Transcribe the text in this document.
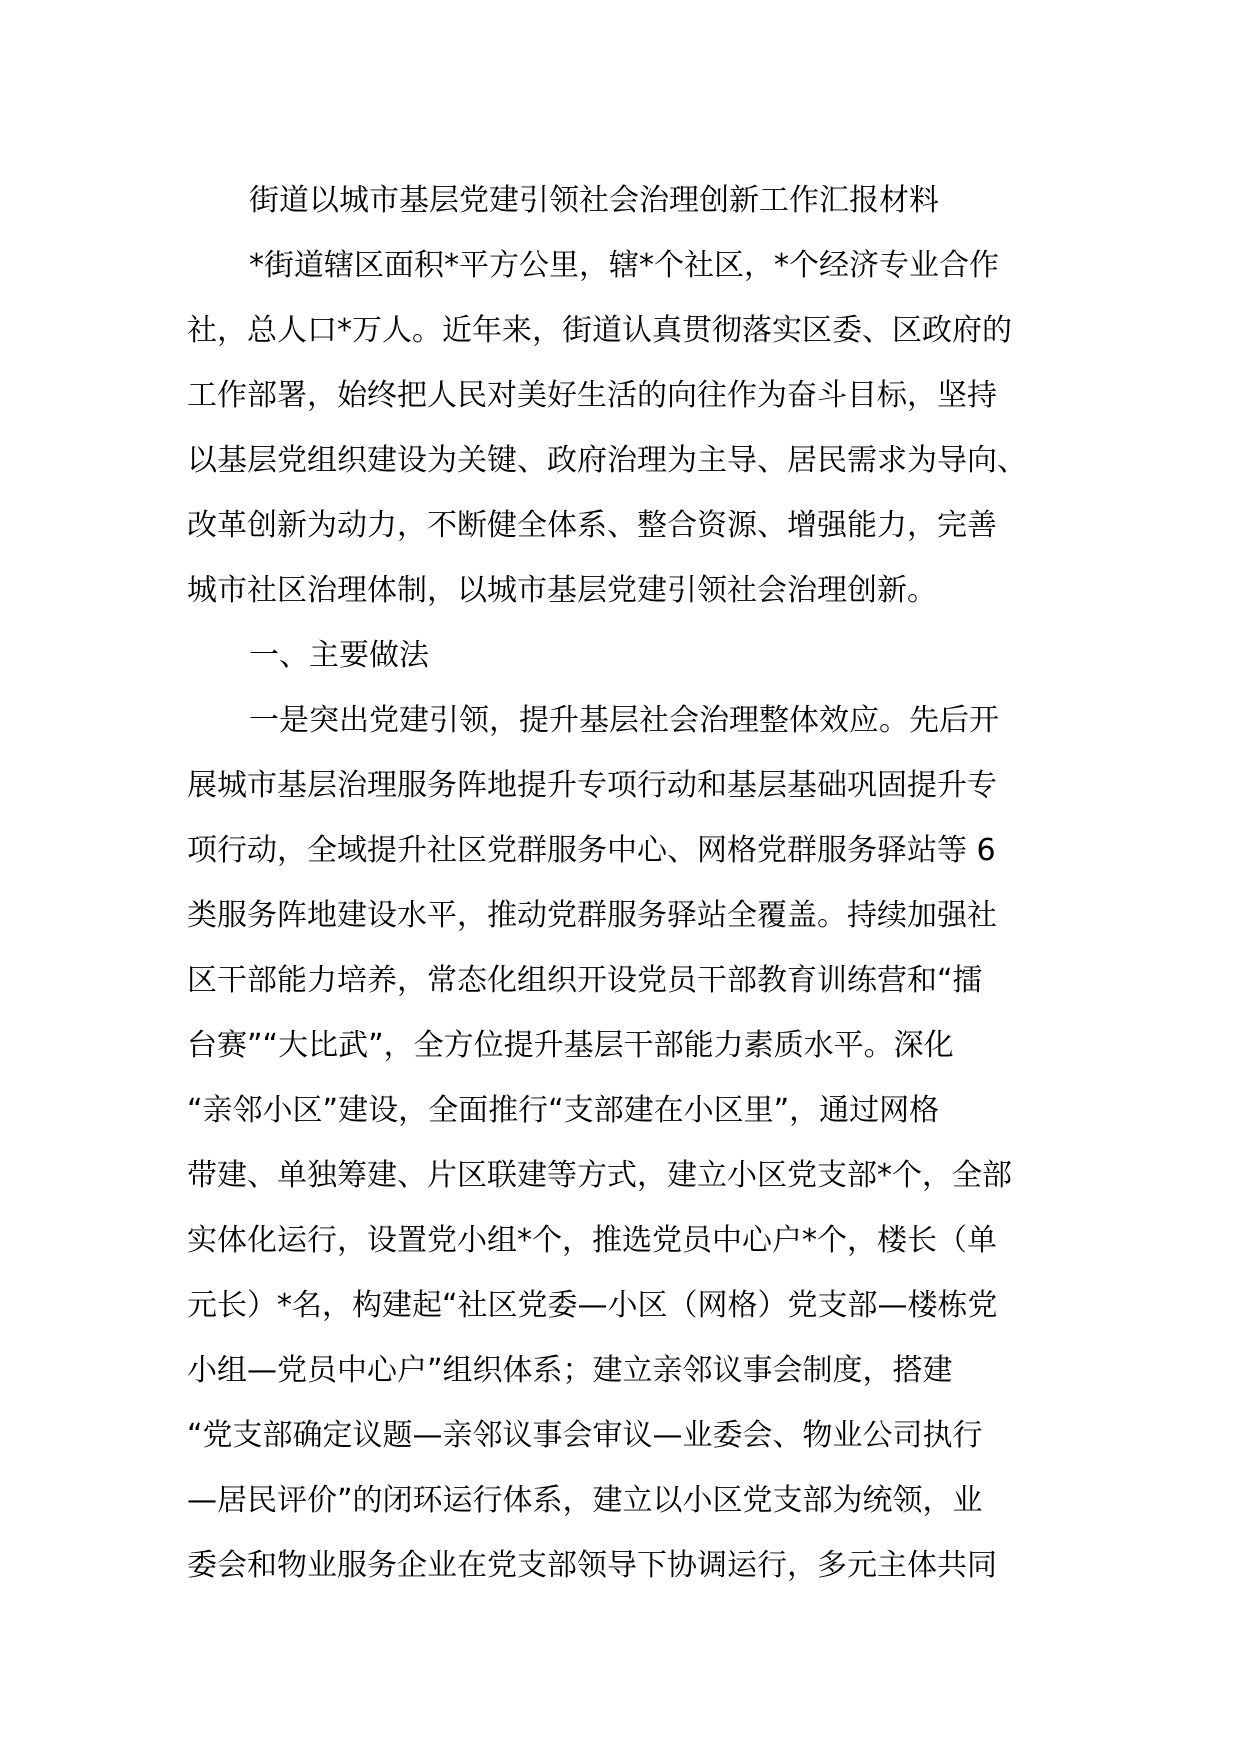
街道以城市基层党建引领社会治理创新工作汇报材料

*街道辖区面积*平方公里，辖*个社区，*个经济专业合作

社，总人口*万人。近年来，街道认真贯彻落实区委、区政府的

工作部署，始终把人民对美好生活的向往作为奋斗目标，坚持

以基层党组织建设为关键、政府治理为主导、居民需求为导向、

改革创新为动力，不断健全体系、整合资源、增强能力，完善

城市社区治理体制，以城市基层党建引领社会治理创新。

一、主要做法

一是突出党建引领，提升基层社会治理整体效应。先后开

展城市基层治理服务阵地提升专项行动和基层基础巩固提升专

项行动，全域提升社区党群服务中心、网格党群服务驿站等 6

类服务阵地建设水平，推动党群服务驿站全覆盖。持续加强社

区干部能力培养，常态化组织开设党员干部教育训练营和“擂

台赛”“大比武”，全方位提升基层干部能力素质水平。深化

“亲邻小区”建设，全面推行“支部建在小区里”，通过网格

带建、单独筹建、片区联建等方式，建立小区党支部*个，全部

实体化运行，设置党小组*个，推选党员中心户*个，楼长（单

元长）*名，构建起“社区党委—小区（网格）党支部—楼栋党

小组—党员中心户”组织体系；建立亲邻议事会制度，搭建

“党支部确定议题—亲邻议事会审议—业委会、物业公司执行

—居民评价”的闭环运行体系，建立以小区党支部为统领，业

委会和物业服务企业在党支部领导下协调运行，多元主体共同
